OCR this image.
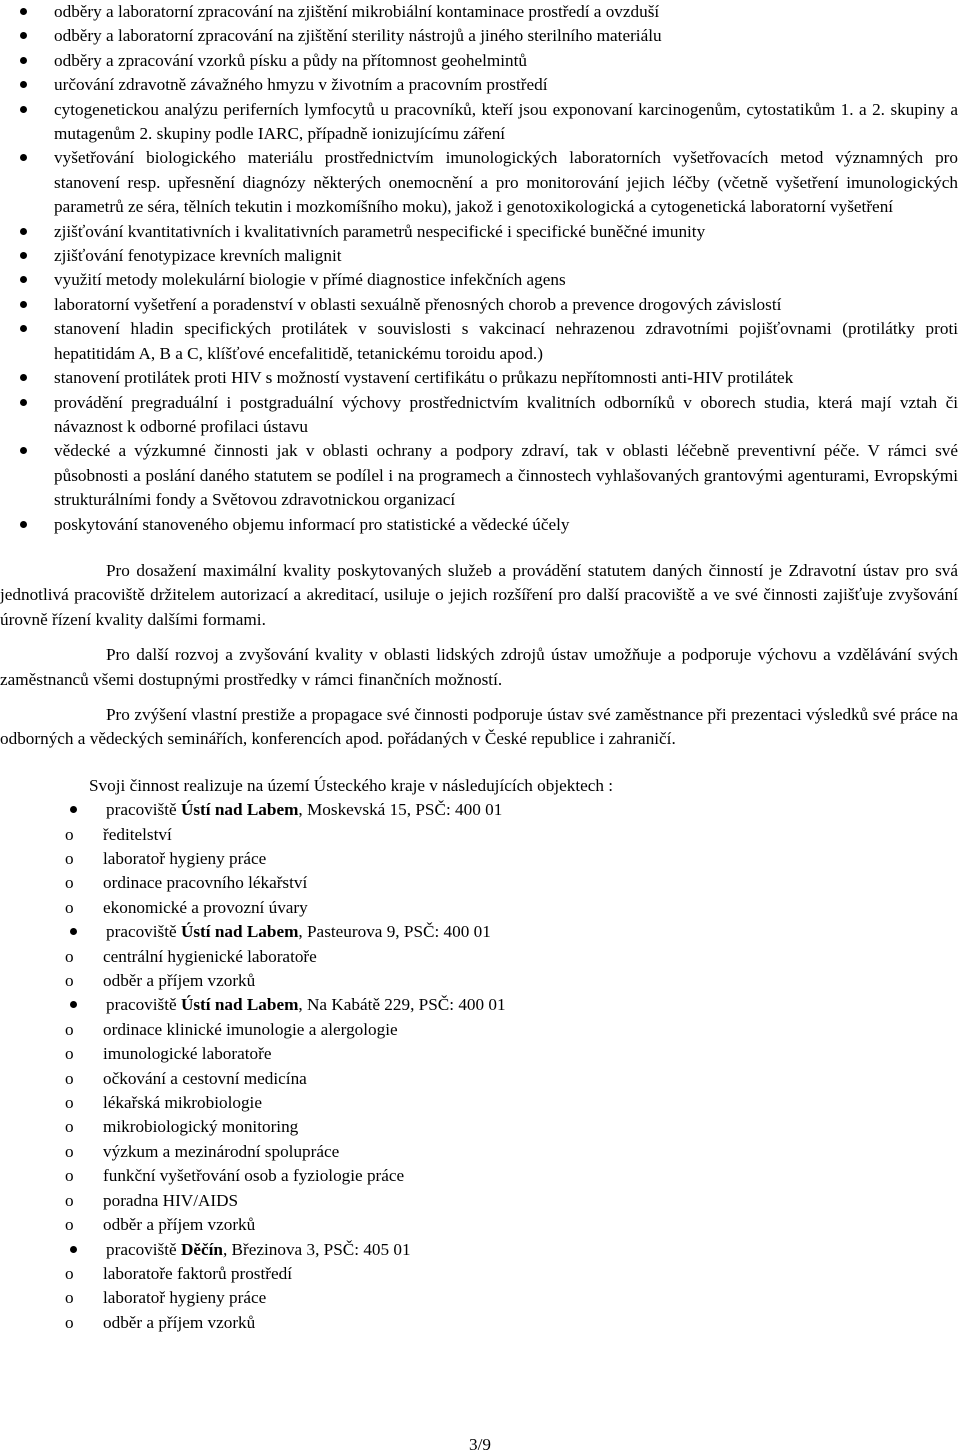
odběry a laboratorní zpracování na zjištění mikrobiální kontaminace prostředí a ovzduší
odběry a laboratorní zpracování na zjištění sterility nástrojů a jiného sterilního materiálu
odběry a zpracování vzorků písku a půdy na přítomnost geohelmintů
určování zdravotně závažného hmyzu v životním a pracovním prostředí
cytogenetickou analýzu periferních lymfocytů u pracovníků, kteří jsou exponovaní karcinogenům, cytostatikům 1. a 2. skupiny a mutagenům 2. skupiny podle IARC, případně ionizujícímu záření
vyšetřování biologického materiálu prostřednictvím imunologických laboratorních vyšetřovacích metod významných pro stanovení resp. upřesnění diagnózy některých onemocnění a pro monitorování jejich léčby (včetně vyšetření imunologických parametrů ze séra, tělních tekutin i mozkomíšního moku), jakož i genotoxikologická a cytogenetická laboratorní vyšetření
zjišťování kvantitativních i kvalitativních parametrů nespecifické i specifické buněčné imunity
zjišťování fenotypizace krevních malignit
využití metody molekulární biologie v přímé diagnostice infekčních agens
laboratorní vyšetření a poradenství v oblasti sexuálně přenosných chorob a prevence drogových závislostí
stanovení hladin specifických protilátek v souvislosti s vakcinací nehrazenou zdravotními pojišťovnami (protilátky proti hepatitidám A, B a C, klíšťové encefalitidě, tetanickému toroidu apod.)
stanovení protilátek proti HIV s možností vystavení certifikátu o průkazu nepřítomnosti anti-HIV protilátek
provádění pregraduální i postgraduální výchovy prostřednictvím kvalitních odborníků v oborech studia, která mají vztah či návaznost k odborné profilaci ústavu
vědecké a výzkumné činnosti jak v oblasti ochrany a podpory zdraví, tak v oblasti léčebně preventivní péče. V rámci své působnosti a poslání daného statutem se podílel i na programech a činnostech vyhlašovaných grantovými agenturami, Evropskými strukturálními fondy a Světovou zdravotnickou organizací
poskytování stanoveného objemu informací pro statistické a vědecké účely

Pro dosažení maximální kvality poskytovaných služeb a provádění statutem daných činností je Zdravotní ústav pro svá jednotlivá pracoviště držitelem autorizací a akreditací, usiluje o jejich rozšíření pro další pracoviště a ve své činnosti zajišťuje zvyšování úrovně řízení kvality dalšími formami.

Pro další rozvoj a zvyšování kvality v oblasti lidských zdrojů ústav umožňuje a podporuje výchovu a vzdělávání svých zaměstnanců všemi dostupnými prostředky v rámci finančních možností.

Pro zvýšení vlastní prestiže a propagace své činnosti podporuje ústav své zaměstnance při prezentaci výsledků své práce na odborných a vědeckých seminářích, konferencích apod. pořádaných v České republice i zahraničí.

Svoji činnost realizuje na území Ústeckého kraje v následujících objektech :

pracoviště Ústí nad Labem, Moskevská 15, PSČ: 400 01
o ředitelství
o laboratoř hygieny práce
o ordinace pracovního lékařství
o ekonomické a provozní úvary
pracoviště Ústí nad Labem, Pasteurova 9, PSČ: 400 01
o centrální hygienické laboratoře
o odběr a příjem vzorků
pracoviště Ústí nad Labem, Na Kabátě 229, PSČ: 400 01
o ordinace klinické imunologie a alergologie
o imunologické laboratoře
o očkování a cestovní medicína
o lékařská mikrobiologie
o mikrobiologický monitoring
o výzkum a mezinárodní spolupráce
o funkční vyšetřování osob a fyziologie práce
o poradna HIV/AIDS
o odběr a příjem vzorků
pracoviště Děčín, Březinova 3, PSČ: 405 01
o laboratoře faktorů prostředí
o laboratoř hygieny práce
o odběr a příjem vzorků
3/9
